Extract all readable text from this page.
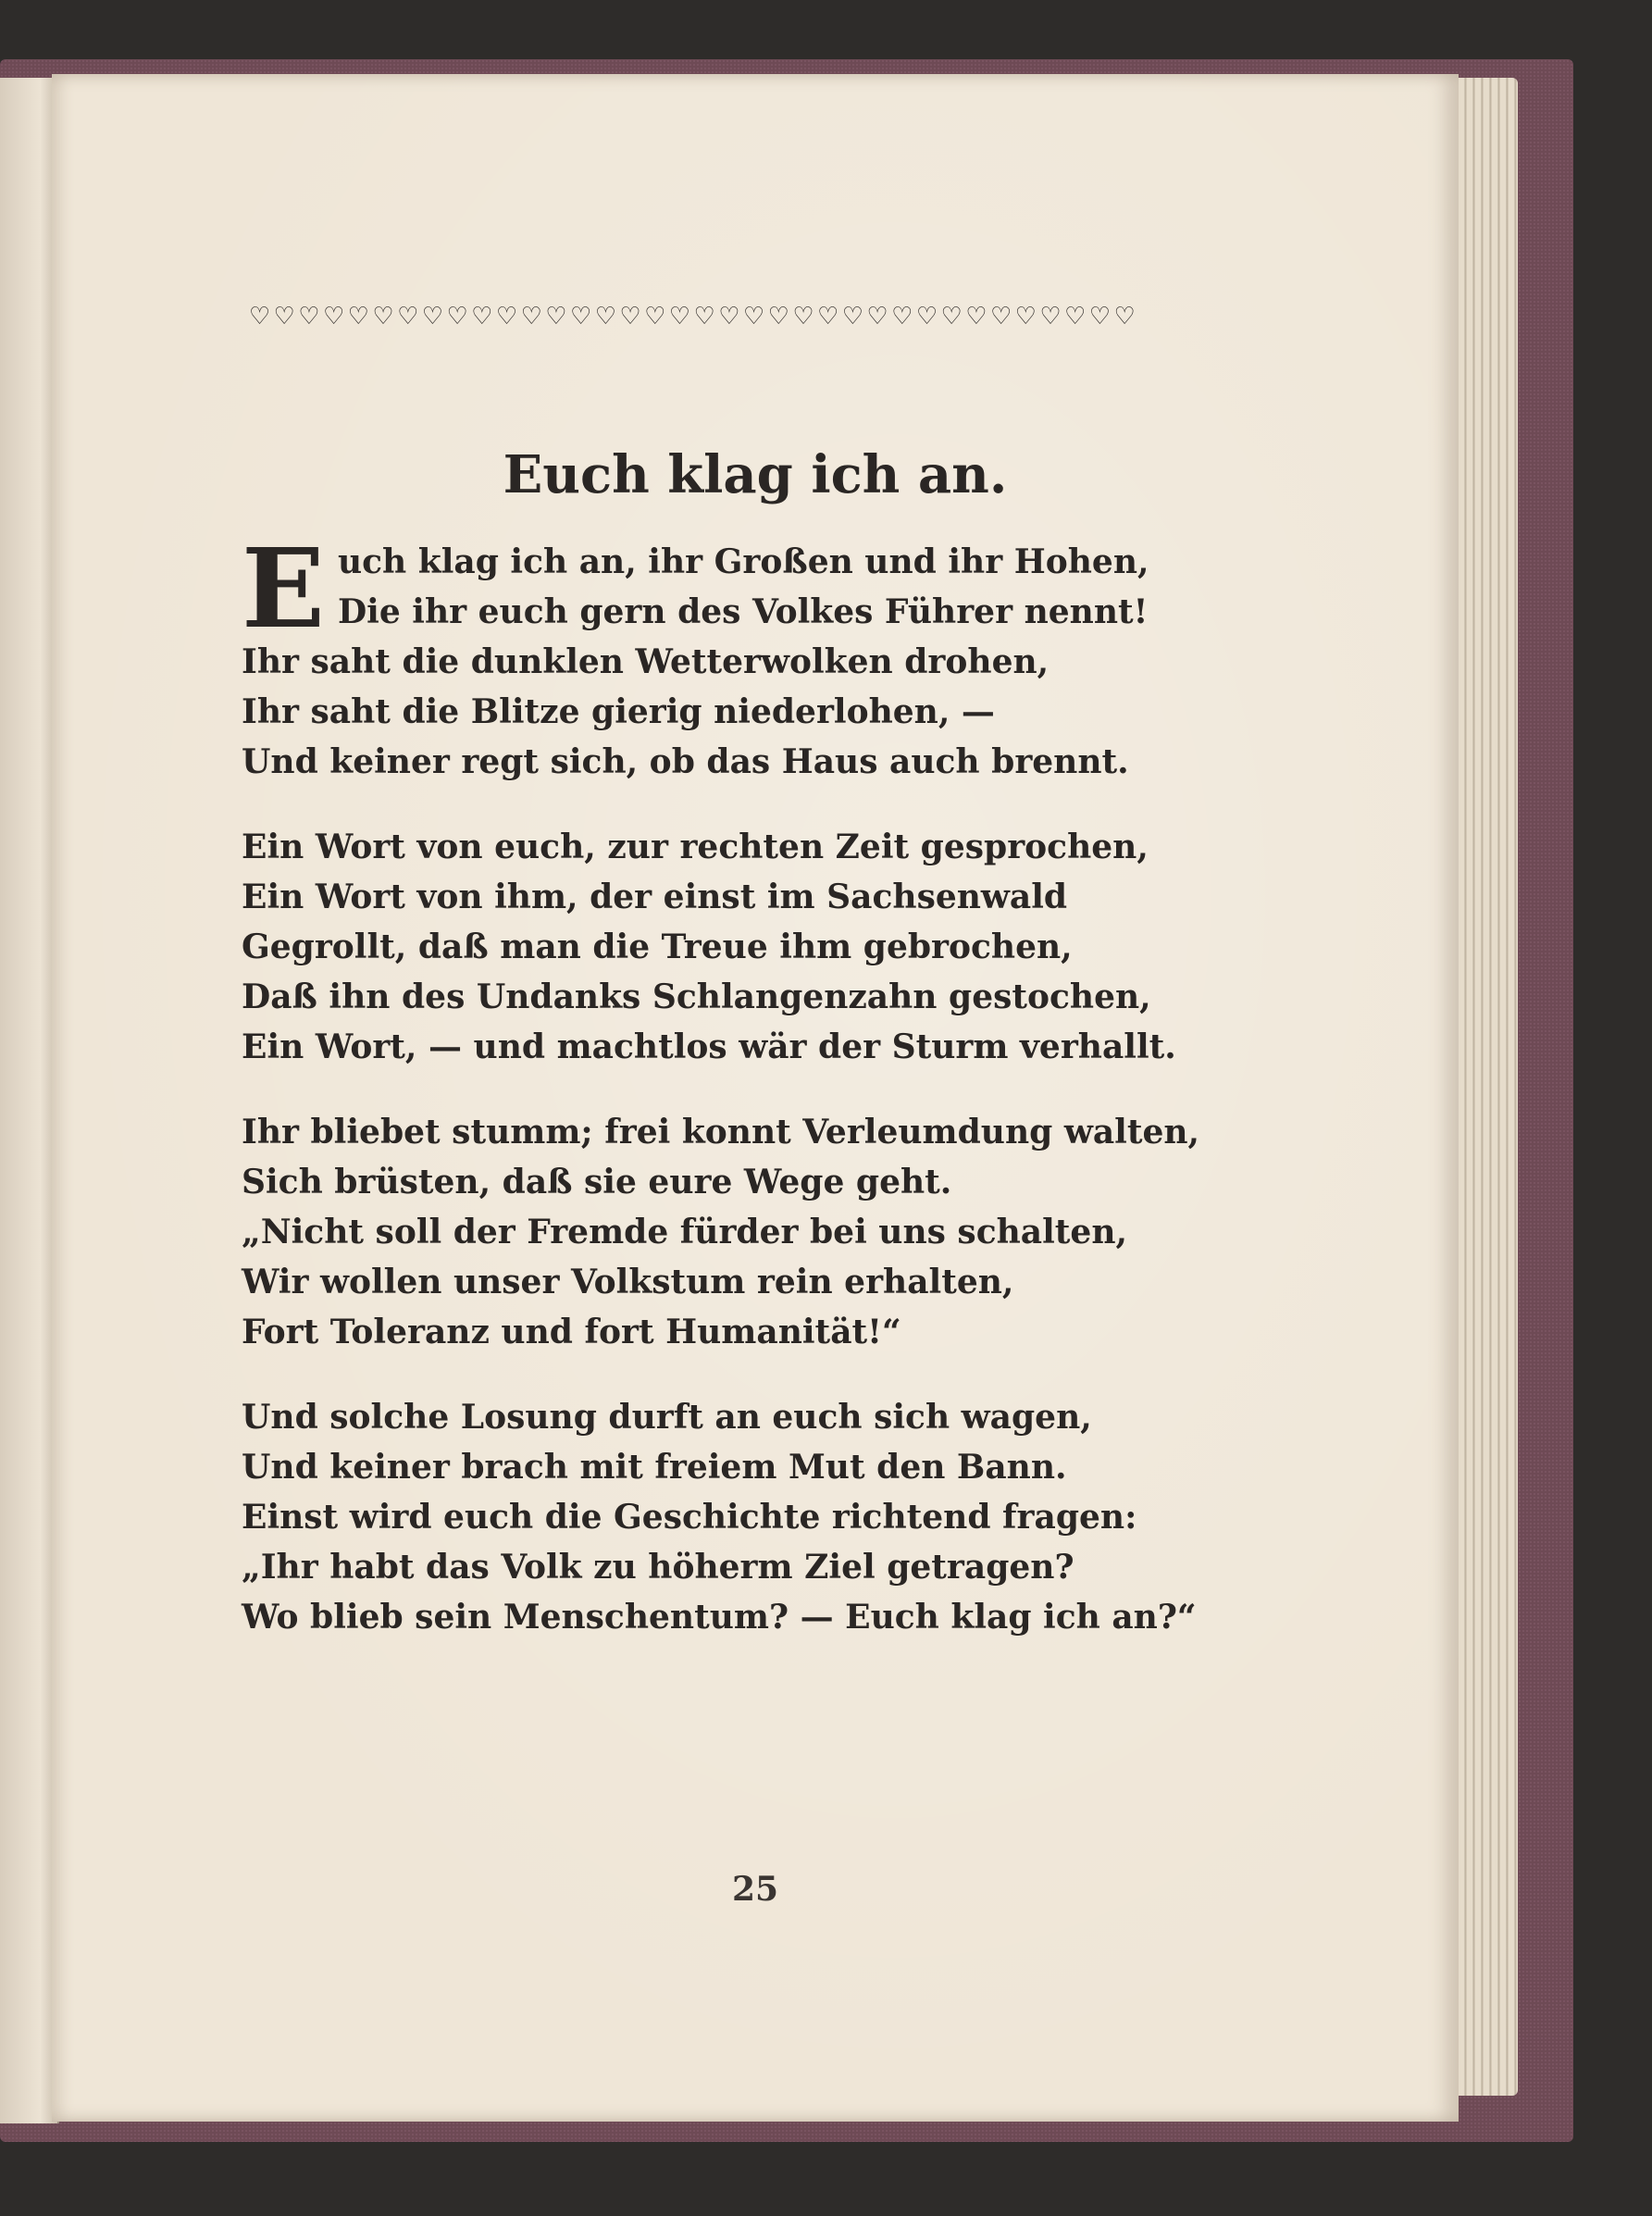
♡ ♡ ♡ ♡ ♡ ♡ ♡ ♡ ♡ ♡ ♡ ♡ ♡ ♡ ♡ ♡ ♡ ♡ ♡ ♡ ♡ ♡ ♡ ♡ ♡ ♡ ♡ ♡ ♡ ♡ ♡ ♡ ♡ ♡ ♡ ♡
Euch klag ich an.
E uch klag ich an, ihr Großen und ihr Hohen,
Die ihr euch gern des Volkes Führer nennt!
Ihr saht die dunklen Wetterwolken drohen,
Ihr saht die Blitze gierig niederlohen, —
Und keiner regt sich, ob das Haus auch brennt.
Ein Wort von euch, zur rechten Zeit gesprochen,
Ein Wort von ihm, der einst im Sachsenwald
Gegrollt, daß man die Treue ihm gebrochen,
Daß ihn des Undanks Schlangenzahn gestochen,
Ein Wort, — und machtlos wär der Sturm verhallt.
Ihr bliebet stumm; frei konnt Verleumdung walten,
Sich brüsten, daß sie eure Wege geht.
„Nicht soll der Fremde fürder bei uns schalten,
Wir wollen unser Volkstum rein erhalten,
Fort Toleranz und fort Humanität!“
Und solche Losung durft an euch sich wagen,
Und keiner brach mit freiem Mut den Bann.
Einst wird euch die Geschichte richtend fragen:
„Ihr habt das Volk zu höherm Ziel getragen?
Wo blieb sein Menschentum? — Euch klag ich an?“
25
